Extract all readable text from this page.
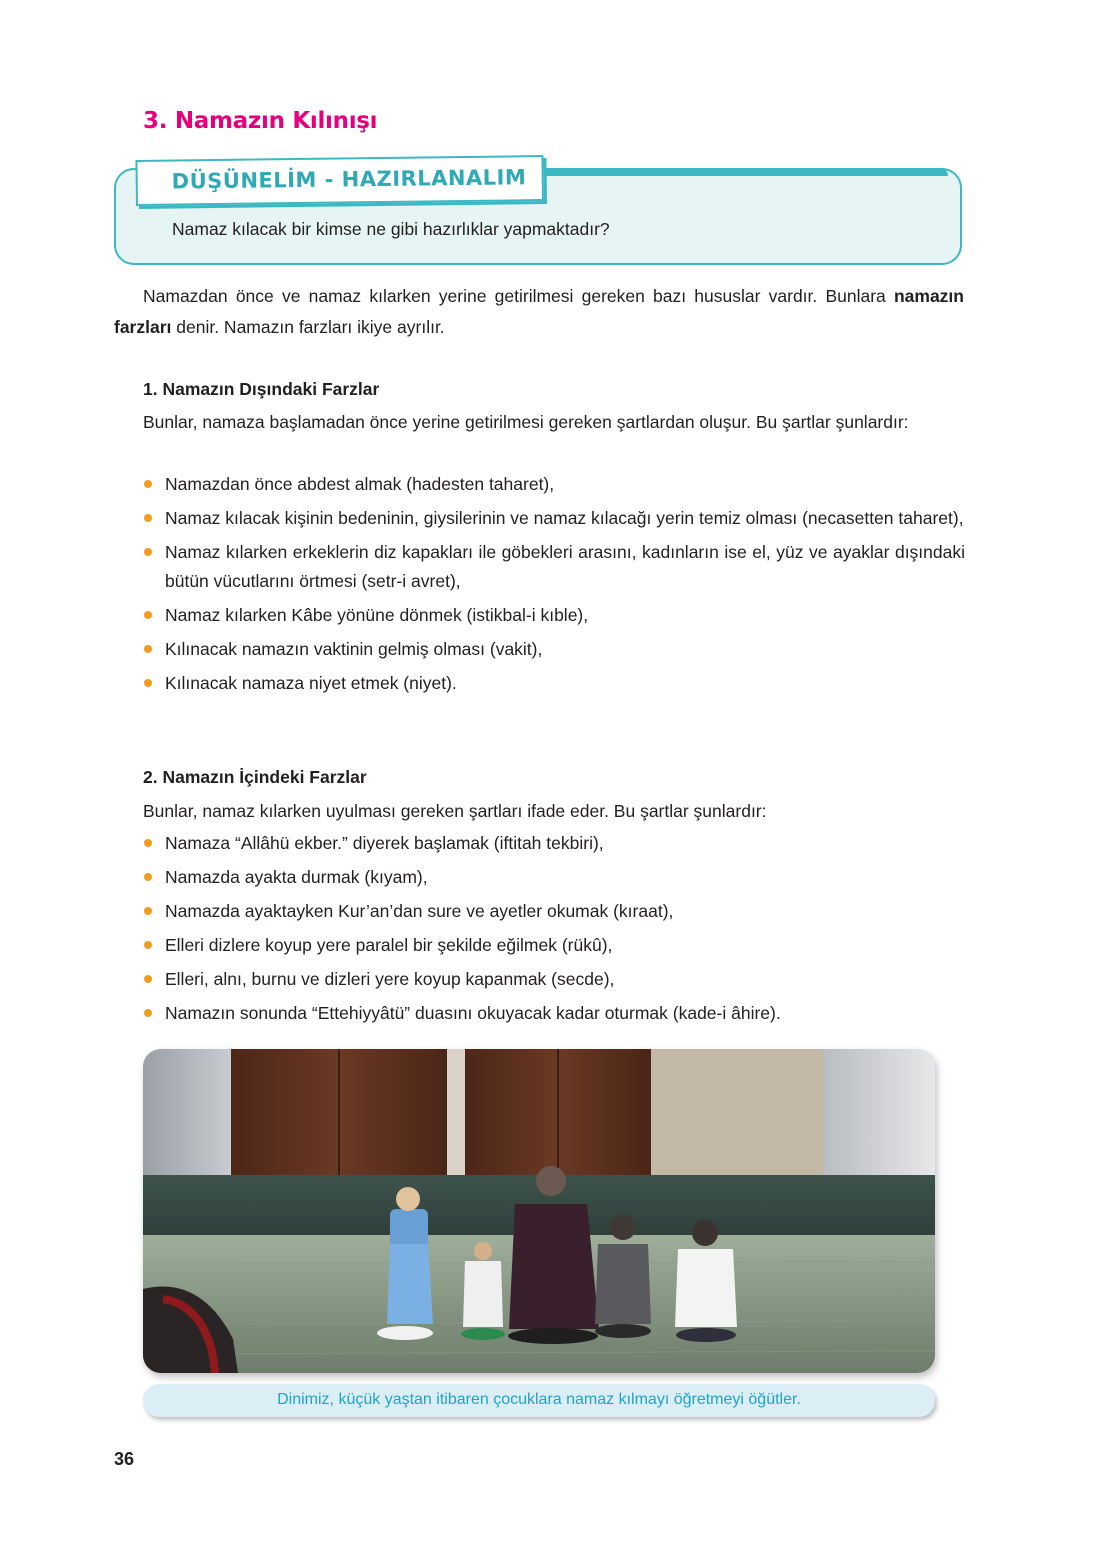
3. Namazın Kılınışı
DÜŞÜNELİM - HAZIRLANALIM
Namaz kılacak bir kimse ne gibi hazırlıklar yapmaktadır?

Namazdan önce ve namaz kılarken yerine getirilmesi gereken bazı hususlar vardır. Bunlara namazın farzları denir. Namazın farzları ikiye ayrılır.

1. Namazın Dışındaki Farzlar

Bunlar, namaza başlamadan önce yerine getirilmesi gereken şartlardan oluşur. Bu şartlar şunlardır:

Namazdan önce abdest almak (hadesten taharet),
Namaz kılacak kişinin bedeninin, giysilerinin ve namaz kılacağı yerin temiz olması (necasetten taharet),
Namaz kılarken erkeklerin diz kapakları ile göbekleri arasını, kadınların ise el, yüz ve ayaklar dışındaki bütün vücutlarını örtmesi (setr-i avret),
Namaz kılarken Kâbe yönüne dönmek (istikbal-i kıble),
Kılınacak namazın vaktinin gelmiş olması (vakit),
Kılınacak namaza niyet etmek (niyet).
2. Namazın İçindeki Farzlar

Bunlar, namaz kılarken uyulması gereken şartları ifade eder. Bu şartlar şunlardır:

Namaza “Allâhü ekber.” diyerek başlamak (iftitah tekbiri),
Namazda ayakta durmak (kıyam),
Namazda ayaktayken Kur’an’dan sure ve ayetler okumak (kıraat),
Elleri dizlere koyup yere paralel bir şekilde eğilmek (rükû),
Elleri, alnı, burnu ve dizleri yere koyup kapanmak (secde),
Namazın sonunda “Ettehiyyâtü” duasını okuyacak kadar oturmak (kade-i âhire).
Dinimiz, küçük yaştan itibaren çocuklara namaz kılmayı öğretmeyi öğütler.
36
